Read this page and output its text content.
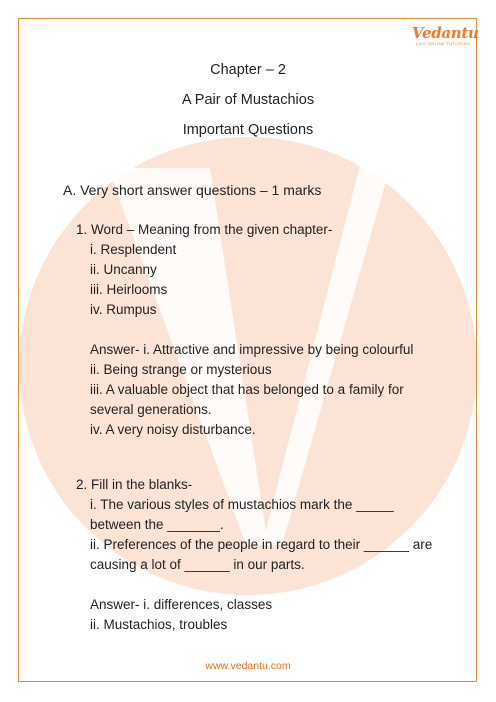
Vedantu
LIVE ONLINE TUTORING
Chapter – 2
A Pair of Mustachios
Important Questions
A. Very short answer questions – 1 marks
1. Word – Meaning from the given chapter-
i. Resplendent
ii. Uncanny
iii. Heirlooms
iv. Rumpus
Answer- i. Attractive and impressive by being colourful
ii. Being strange or mysterious
iii. A valuable object that has belonged to a family for
several generations.
iv. A very noisy disturbance.
2. Fill in the blanks-
i. The various styles of mustachios mark the _____
between the _______.
ii. Preferences of the people in regard to their ______ are
causing a lot of ______ in our parts.
Answer- i. differences, classes
ii. Mustachios, troubles
www.vedantu.com
